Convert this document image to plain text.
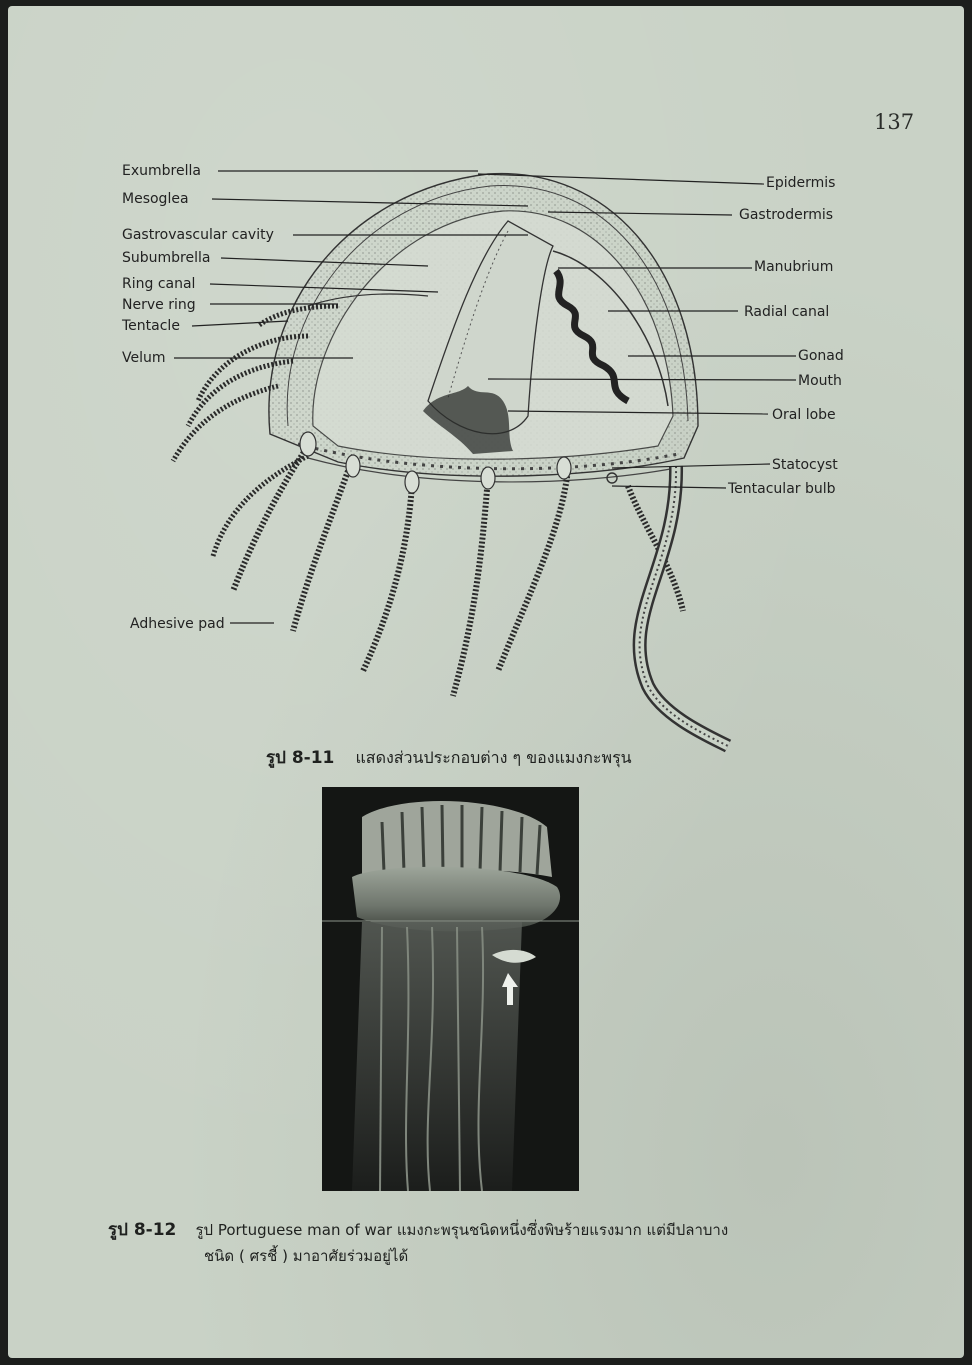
137
Exumbrella
Mesoglea
Gastrovascular cavity
Subumbrella
Ring canal
Nerve ring
Tentacle
Velum
Adhesive pad
Epidermis
Gastrodermis
Manubrium
Radial canal
Gonad
Mouth
Oral lobe
Statocyst
Tentacular bulb
รูป 8-11 แสดงส่วนประกอบต่าง ๆ ของแมงกะพรุน
รูป 8-12 รูป Portuguese man of war แมงกะพรุนชนิดหนึ่งซึ่งพิษร้ายแรงมาก แต่มีปลาบาง
ชนิด ( ศรชี้ ) มาอาศัยร่วมอยู่ได้
